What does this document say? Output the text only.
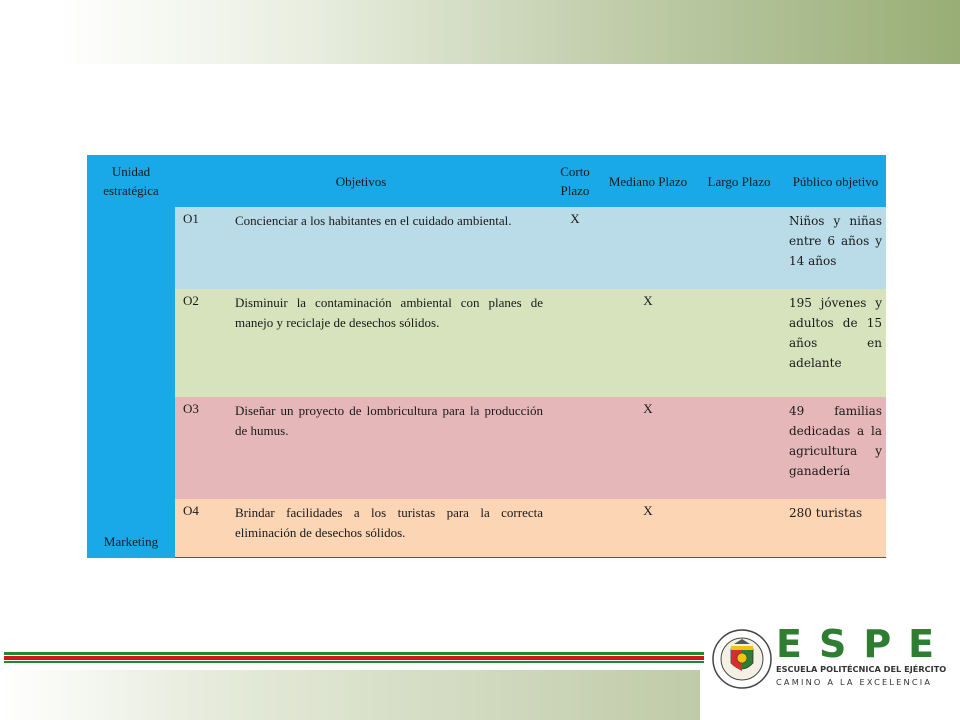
Unidad estratégica	Objetivos		Corto Plazo	Mediano Plazo	Largo Plazo	Público objetivo
Marketing	O1	Concienciar a los habitantes en el cuidado ambiental.	X			Niños y niñas entre 6 años y 14 años
	O2	Disminuir la contaminación ambiental con planes de manejo y reciclaje de desechos sólidos.		X		195 jóvenes y adultos de 15 años en adelante
	O3	Diseñar un proyecto de lombricultura para la producción de humus.		X		49 familias dedicadas a la agricultura y ganadería
	O4	Brindar facilidades a los turistas para la correcta eliminación de desechos sólidos.		X		280 turistas
ESPE
ESCUELA POLITÉCNICA DEL EJÉRCITO
CAMINO A LA EXCELENCIA
